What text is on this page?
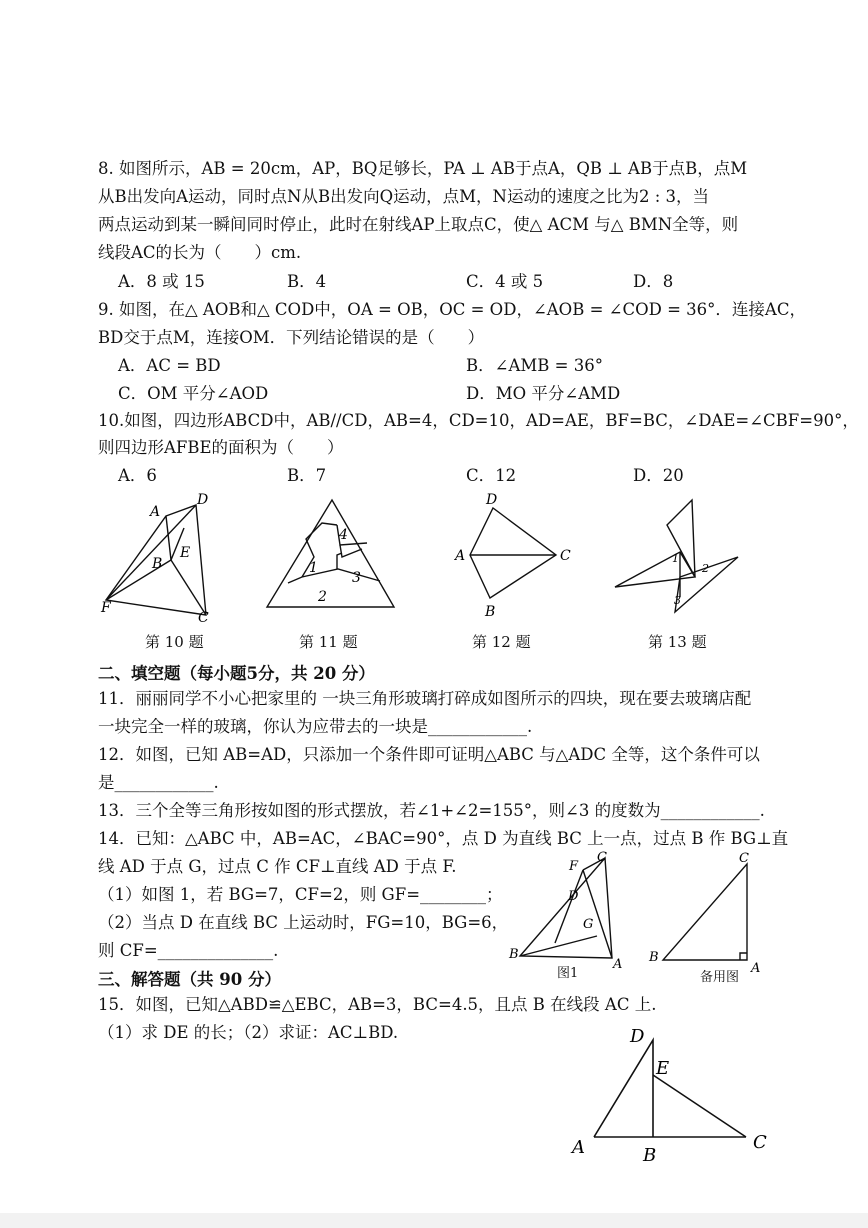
8. 如图所示，AB = 20cm，AP，BQ足够长，PA ⊥ AB于点A，QB ⊥ AB于点B，点M
从B出发向A运动，同时点N从B出发向Q运动，点M，N运动的速度之比为2 : 3，当
两点运动到某一瞬间同时停止，此时在射线AP上取点C，使△ ACM 与△ BMN全等，则
线段AC的长为（　　）cm.
A．8 或 15	B．4	C．4 或 5	D．8
9. 如图，在△ AOB和△ COD中，OA = OB，OC = OD，∠AOB = ∠COD = 36°．连接AC，
BD交于点M，连接OM．下列结论错误的是（　　）
A．AC = BD	B．∠AMB = 36°
C．OM 平分∠AOD	D．MO 平分∠AMD
10.如图，四边形ABCD中，AB//CD，AB=4，CD=10，AD=AE，BF=BC，∠DAE=∠CBF=90°，
则四边形AFBE的面积为（　　）
A．6	B．7	C．12	D．20
A
D
E
B
F
C
第 10 题
4
1
3
2
第 11 题
D
A	C
B
第 12 题
1
2
3
第 13 题
二、填空题（每小题5分，共 20 分）
11．丽丽同学不小心把家里的 一块三角形玻璃打碎成如图所示的四块，现在要去玻璃店配
一块完全一样的玻璃，你认为应带去的一块是____________.
12．如图，已知 AB=AD，只添加一个条件即可证明△ABC 与△ADC 全等，这个条件可以
是____________.
13．三个全等三角形按如图的形式摆放，若∠1+∠2=155°，则∠3 的度数为____________.
14．已知：△ABC 中，AB=AC，∠BAC=90°，点 D 为直线 BC 上一点，过点 B 作 BG⊥直
线 AD 于点 G，过点 C 作 CF⊥直线 AD 于点 F.
（1）如图 1，若 BG=7，CF=2，则 GF=________；
（2）当点 D 在直线 BC 上运动时，FG=10，BG=6，
则 CF=______________.
F
C
D
G
B
A
图1
C
B
A
备用图
三、解答题（共 90 分）
15．如图，已知△ABD≌△EBC，AB=3，BC=4.5，且点 B 在线段 AC 上.
（1）求 DE 的长；（2）求证：AC⊥BD.	D
E
A	B
C
